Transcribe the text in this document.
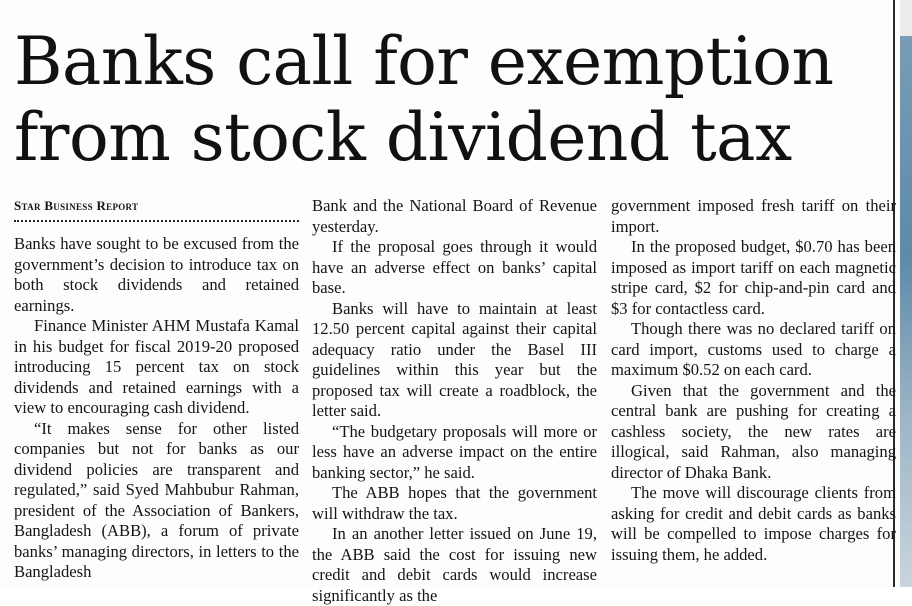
Banks call for exemption
from stock dividend tax
Star Business Report

Banks have sought to be excused from the government’s decision to introduce tax on both stock dividends and retained earnings.

Finance Minister AHM Mustafa Kamal in his budget for fiscal 2019-20 proposed introducing 15 percent tax on stock dividends and retained earnings with a view to encouraging cash dividend.

“It makes sense for other listed companies but not for banks as our dividend policies are transparent and regulated,” said Syed Mahbubur Rahman, president of the Association of Bankers, Bangladesh (ABB), a forum of private banks’ managing directors, in letters to the Bangladesh

Bank and the National Board of Revenue yesterday.

If the proposal goes through it would have an adverse effect on banks’ capital base.

Banks will have to maintain at least 12.50 percent capital against their capital adequacy ratio under the Basel III guidelines within this year but the proposed tax will create a roadblock, the letter said.

“The budgetary proposals will more or less have an adverse impact on the entire banking sector,” he said.

The ABB hopes that the government will withdraw the tax.

In an another letter issued on June 19, the ABB said the cost for issuing new credit and debit cards would increase significantly as the

government imposed fresh tariff on their import.

In the proposed budget, $0.70 has been imposed as import tariff on each magnetic stripe card, $2 for chip-and-pin card and $3 for contactless card.

Though there was no declared tariff on card import, customs used to charge a maximum $0.52 on each card.

Given that the government and the central bank are pushing for creating a cashless society, the new rates are illogical, said Rahman, also managing director of Dhaka Bank.

The move will discourage clients from asking for credit and debit cards as banks will be compelled to impose charges for issuing them, he added.
